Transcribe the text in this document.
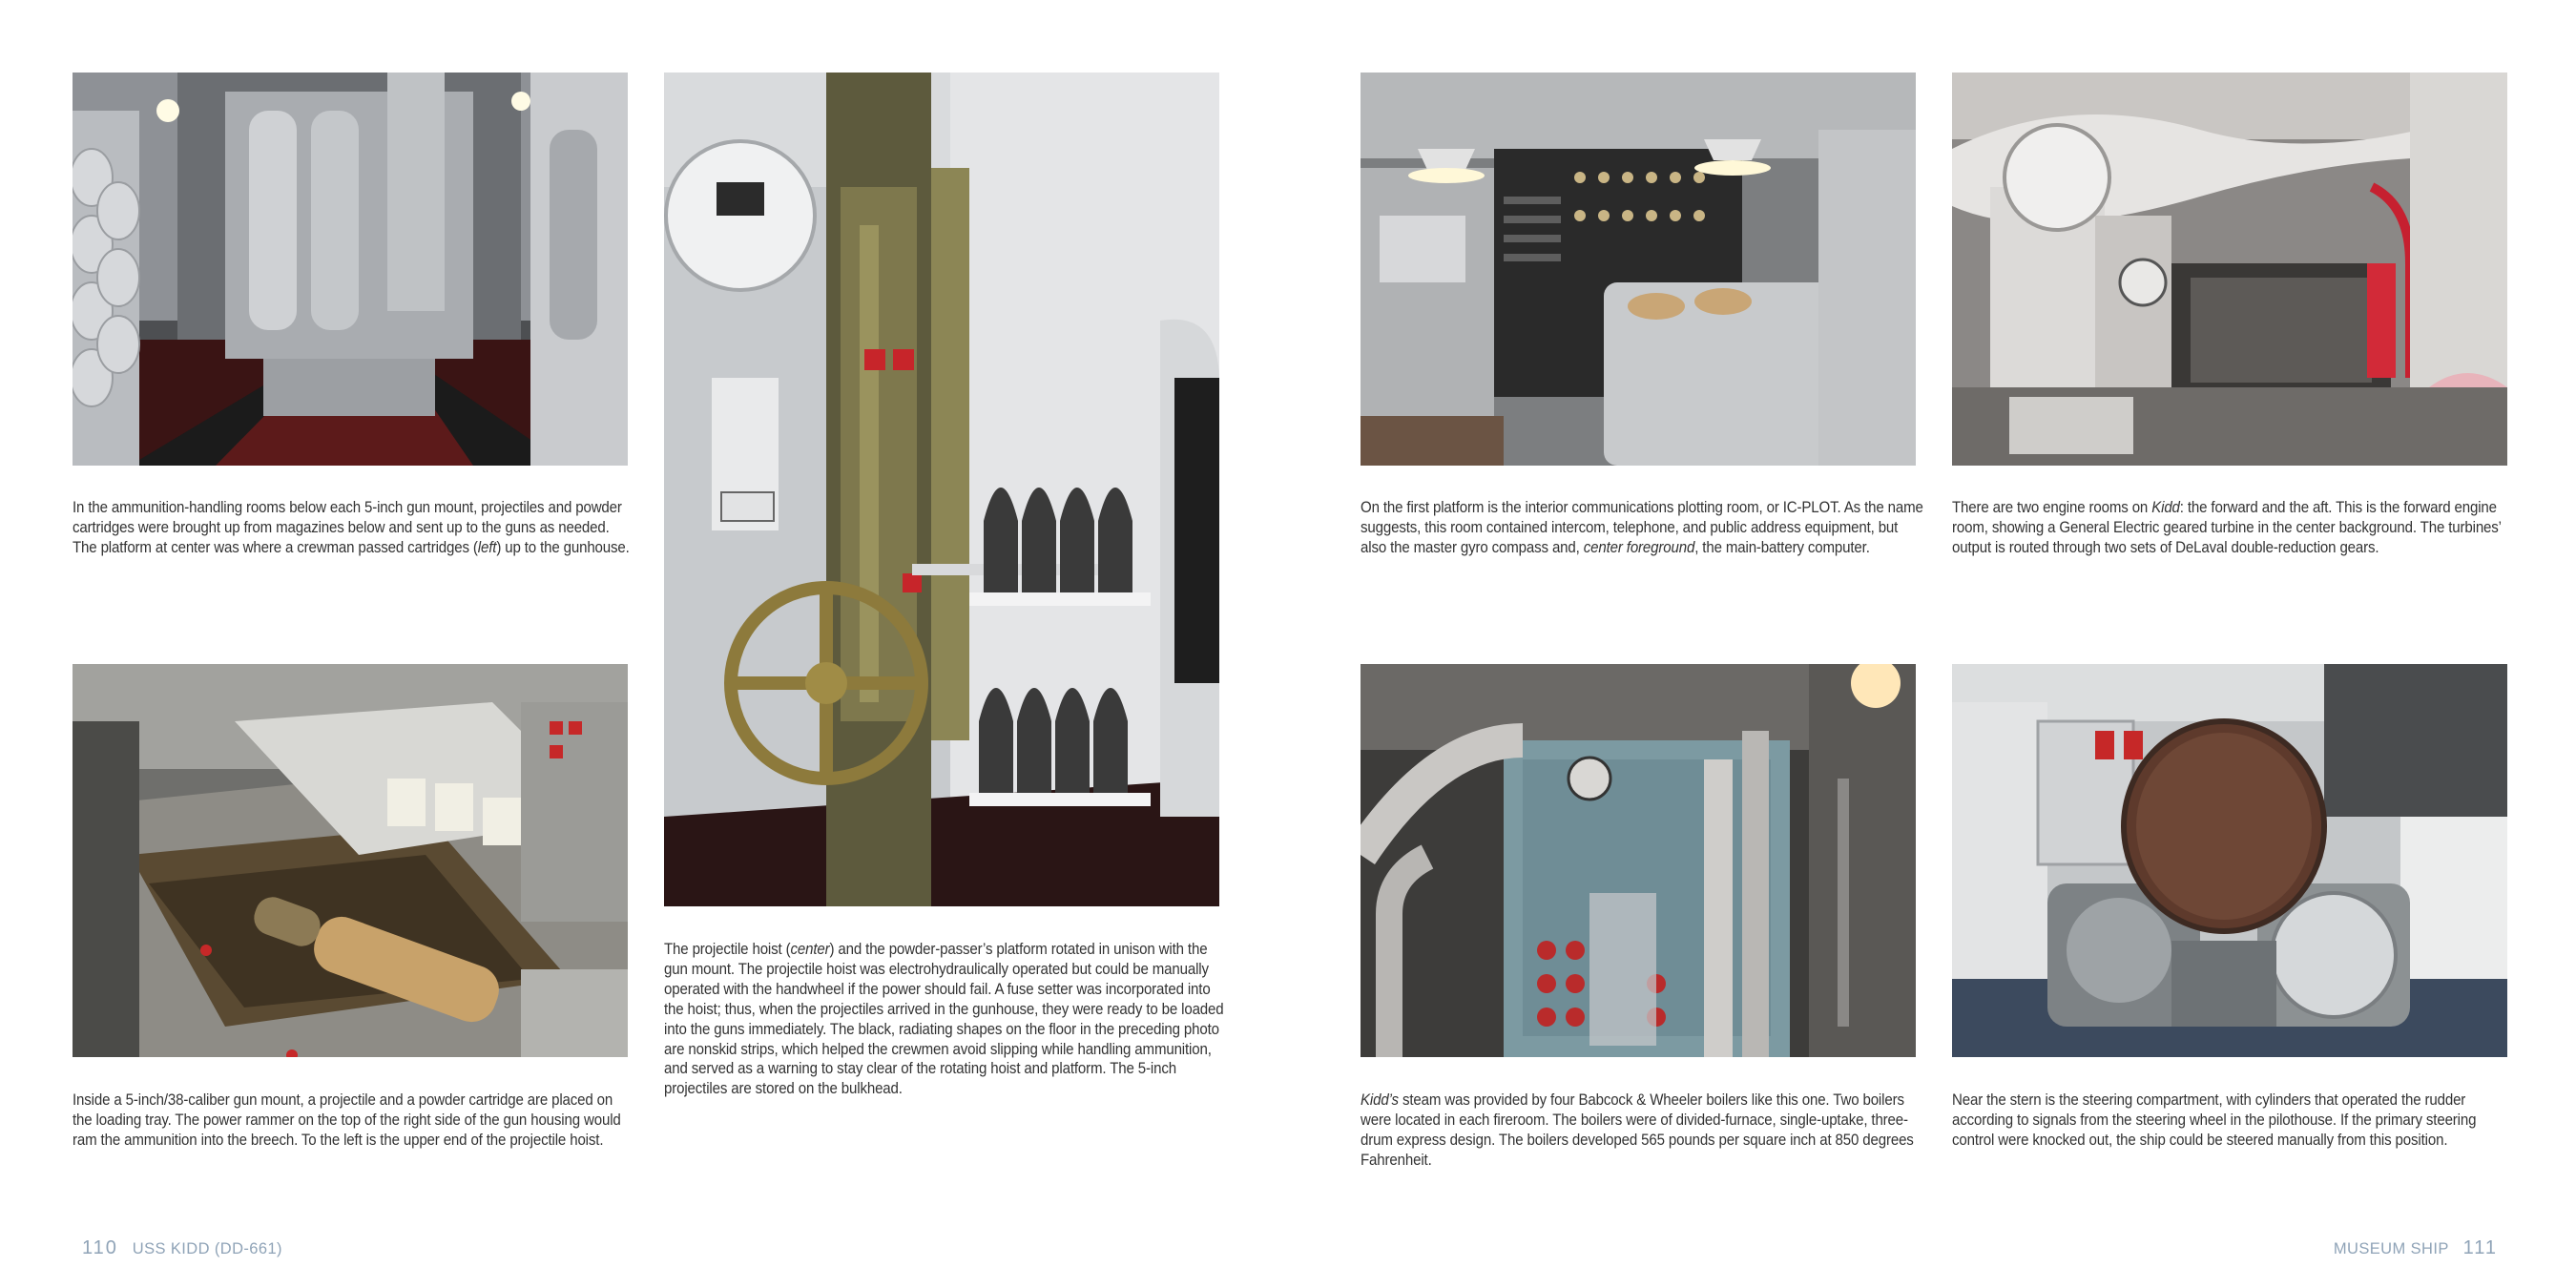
In the ammunition-handling rooms below each 5-inch gun mount, projectiles and powder cartridges were brought up from magazines below and sent up to the guns as needed. The platform at center was where a crewman passed cartridges (left) up to the gunhouse.

The projectile hoist (center) and the powder-passer’s platform rotated in unison with the gun mount. The projectile hoist was electrohydraulically operated but could be manually operated with the handwheel if the power should fail. A fuse setter was incorporated into the hoist; thus, when the projectiles arrived in the gunhouse, they were ready to be loaded into the guns immediately. The black, radiating shapes on the floor in the preceding photo are nonskid strips, which helped the crewmen avoid slipping while handling ammunition, and served as a warning to stay clear of the rotating hoist and platform. The 5-inch projectiles are stored on the bulkhead.

Inside a 5-inch/38-caliber gun mount, a projectile and a powder cartridge are placed on the loading tray. The power rammer on the top of the right side of the gun housing would ram the ammunition into the breech. To the left is the upper end of the projectile hoist.

110 USS KIDD (DD-661)

On the first platform is the interior communications plotting room, or IC-PLOT. As the name suggests, this room contained intercom, telephone, and public address equipment, but also the master gyro compass and, center foreground, the main-battery computer.

There are two engine rooms on Kidd: the forward and the aft. This is the forward engine room, showing a General Electric geared turbine in the center background. The turbines’ output is routed through two sets of DeLaval double-reduction gears.

Kidd’s steam was provided by four Babcock & Wheeler boilers like this one. Two boilers were located in each fireroom. The boilers were of divided-furnace, single-uptake, three-drum express design. The boilers developed 565 pounds per square inch at 850 degrees Fahrenheit.

Near the stern is the steering compartment, with cylinders that operated the rudder according to signals from the steering wheel in the pilothouse. If the primary steering control were knocked out, the ship could be steered manually from this position.

MUSEUM SHIP 111
